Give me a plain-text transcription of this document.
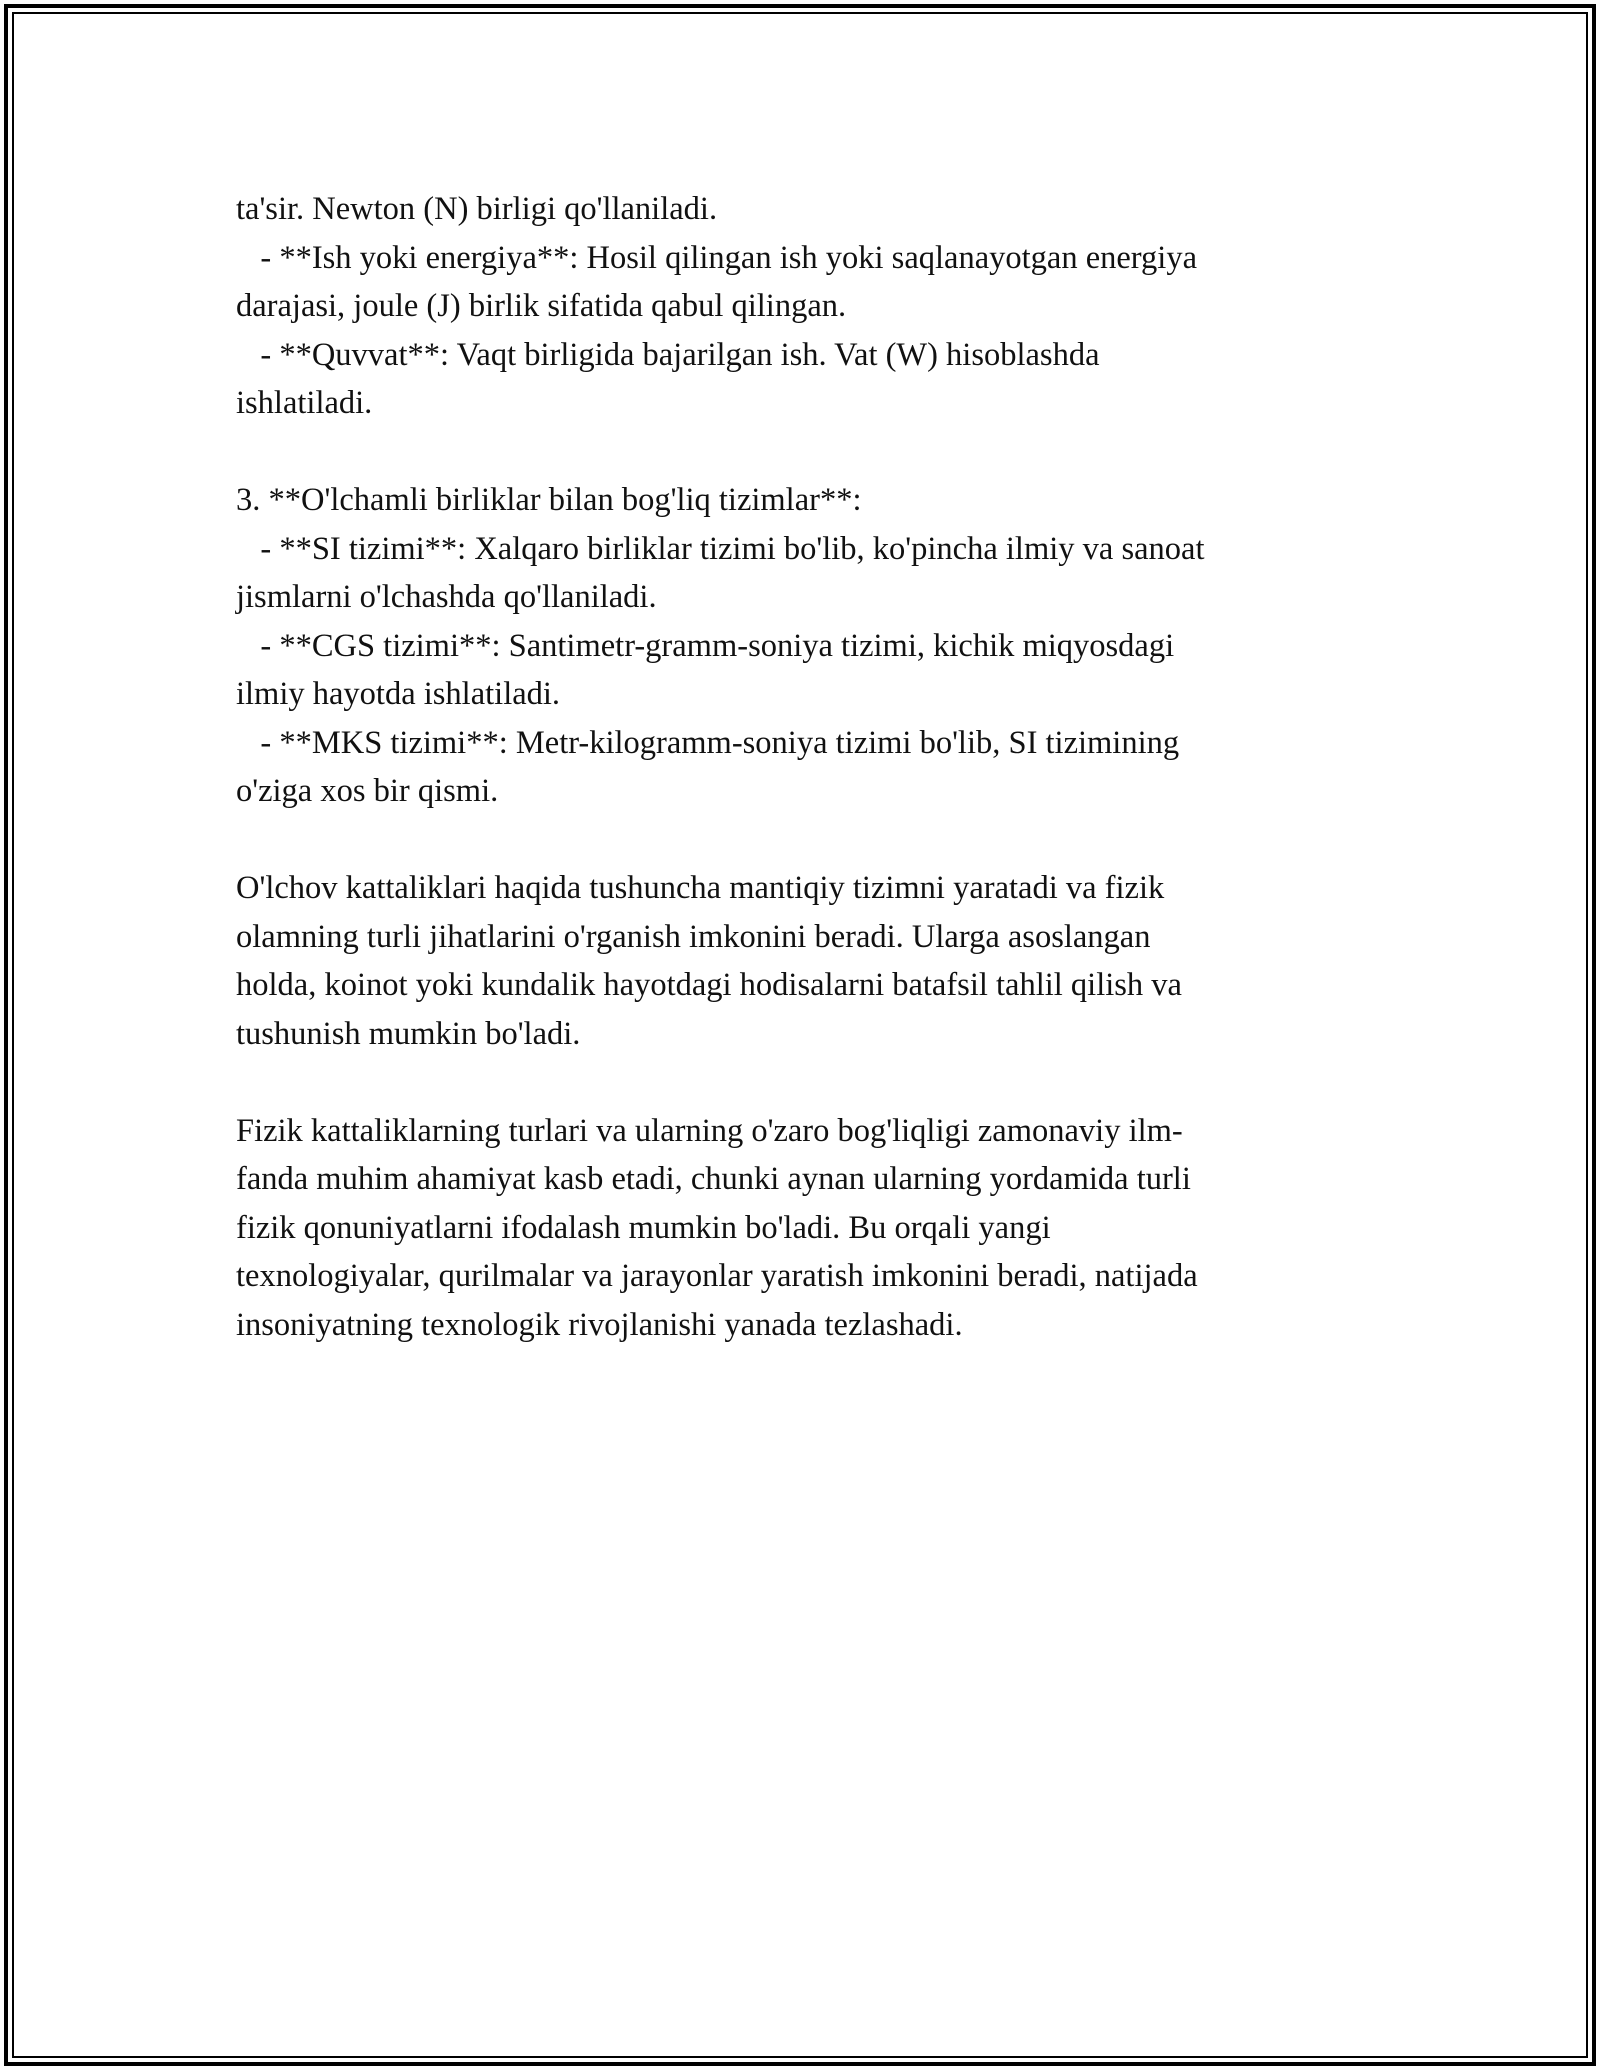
ta'sir. Newton (N) birligi qo'llaniladi.
- **Ish yoki energiya**: Hosil qilingan ish yoki saqlanayotgan energiya
darajasi, joule (J) birlik sifatida qabul qilingan.
- **Quvvat**: Vaqt birligida bajarilgan ish. Vat (W) hisoblashda
ishlatiladi.
3. **O'lchamli birliklar bilan bog'liq tizimlar**:
- **SI tizimi**: Xalqaro birliklar tizimi bo'lib, ko'pincha ilmiy va sanoat
jismlarni o'lchashda qo'llaniladi.
- **CGS tizimi**: Santimetr-gramm-soniya tizimi, kichik miqyosdagi
ilmiy hayotda ishlatiladi.
- **MKS tizimi**: Metr-kilogramm-soniya tizimi bo'lib, SI tizimining
o'ziga xos bir qismi.
O'lchov kattaliklari haqida tushuncha mantiqiy tizimni yaratadi va fizik
olamning turli jihatlarini o'rganish imkonini beradi. Ularga asoslangan
holda, koinot yoki kundalik hayotdagi hodisalarni batafsil tahlil qilish va
tushunish mumkin bo'ladi.
Fizik kattaliklarning turlari va ularning o'zaro bog'liqligi zamonaviy ilm-
fanda muhim ahamiyat kasb etadi, chunki aynan ularning yordamida turli
fizik qonuniyatlarni ifodalash mumkin bo'ladi. Bu orqali yangi
texnologiyalar, qurilmalar va jarayonlar yaratish imkonini beradi, natijada
insoniyatning texnologik rivojlanishi yanada tezlashadi.
